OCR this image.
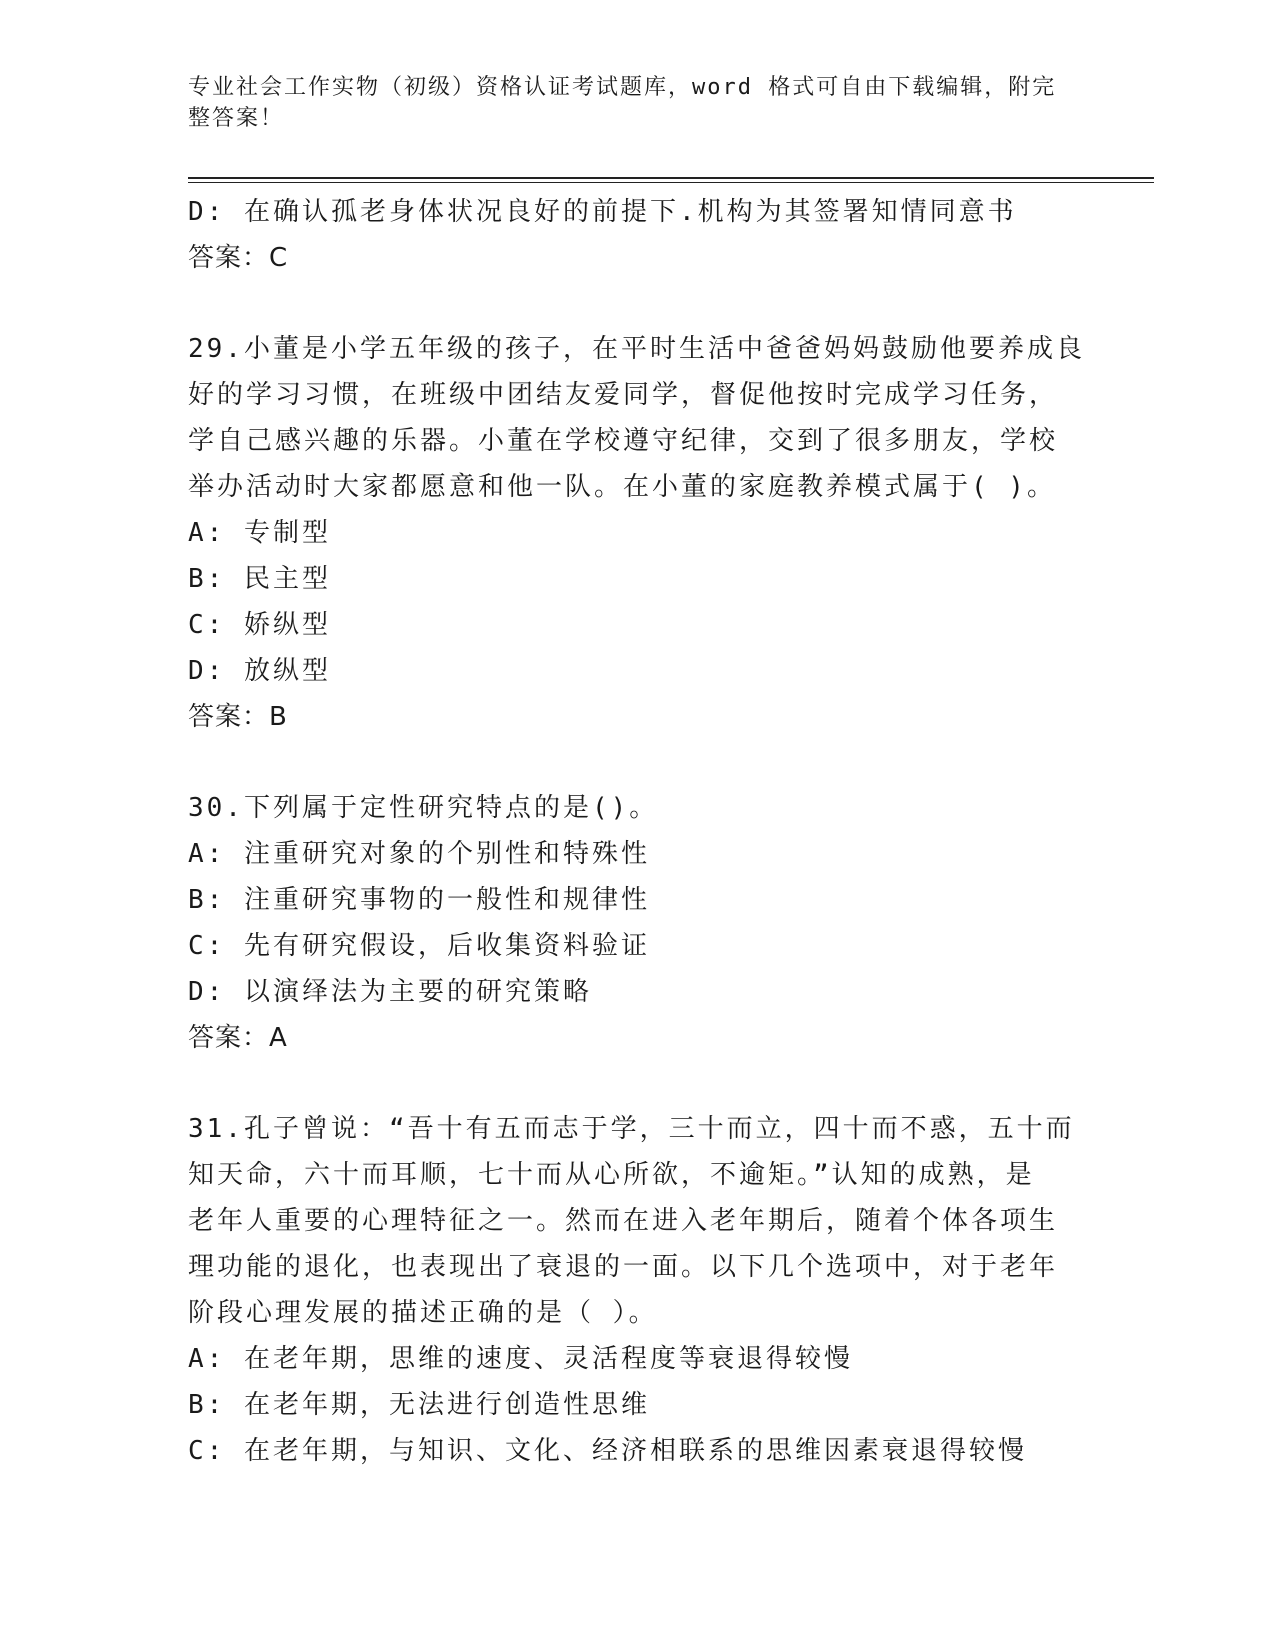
专业社会工作实物（初级）资格认证考试题库，word 格式可自由下载编辑，附完
整答案！
D: 在确认孤老身体状况良好的前提下.机构为其签署知情同意书
答案：C
29.小董是小学五年级的孩子，在平时生活中爸爸妈妈鼓励他要养成良
好的学习习惯，在班级中团结友爱同学，督促他按时完成学习任务，
学自己感兴趣的乐器。小董在学校遵守纪律，交到了很多朋友，学校
举办活动时大家都愿意和他一队。在小董的家庭教养模式属于( )。
A: 专制型
B: 民主型
C: 娇纵型
D: 放纵型
答案：B
30.下列属于定性研究特点的是()。
A: 注重研究对象的个别性和特殊性
B: 注重研究事物的一般性和规律性
C: 先有研究假设，后收集资料验证
D: 以演绎法为主要的研究策略
答案：A
31.孔子曾说：“吾十有五而志于学，三十而立，四十而不惑，五十而
知天命，六十而耳顺，七十而从心所欲，不逾矩。”认知的成熟，是
老年人重要的心理特征之一。然而在进入老年期后，随着个体各项生
理功能的退化，也表现出了衰退的一面。以下几个选项中，对于老年
阶段心理发展的描述正确的是（ ）。
A: 在老年期，思维的速度、灵活程度等衰退得较慢
B: 在老年期，无法进行创造性思维
C: 在老年期，与知识、文化、经济相联系的思维因素衰退得较慢
